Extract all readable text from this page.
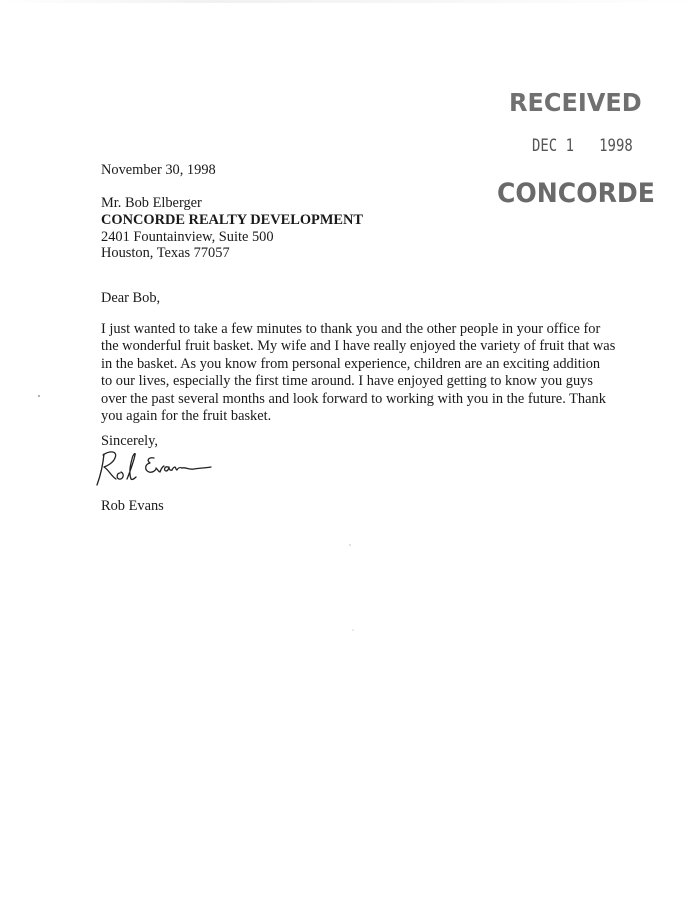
RECEIVED
DEC 1 1998
CONCORDE
November 30, 1998
Mr. Bob Elberger
CONCORDE REALTY DEVELOPMENT
2401 Fountainview, Suite 500
Houston, Texas 77057
Dear Bob,
I just wanted to take a few minutes to thank you and the other people in your office for
the wonderful fruit basket. My wife and I have really enjoyed the variety of fruit that was
in the basket. As you know from personal experience, children are an exciting addition
to our lives, especially the first time around. I have enjoyed getting to know you guys
over the past several months and look forward to working with you in the future. Thank
you again for the fruit basket.
Sincerely,
Rob Evans
